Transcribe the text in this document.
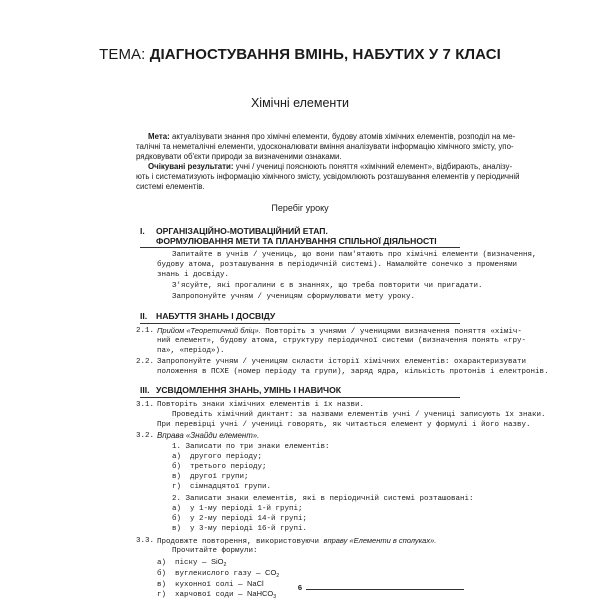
ТЕМА: ДІАГНОСТУВАННЯ ВМІНЬ, НАБУТИХ У 7 КЛАСІ
Хімічні елементи
Мета: актуалізувати знання про хімічні елементи, будову атомів хімічних елементів, розподіл на ме-
талічні та неметалічні елементи, удосконалювати вміння аналізувати інформацію хімічного змісту, упо-
рядковувати об'єкти природи за визначеними ознаками.
Очікувані результати: учні / учениці пояснюють поняття «хімічний елемент», відбирають, аналізу-
ють і систематизують інформацію хімічного змісту, усвідомлюють розташування елементів у періодичній
системі елементів.
Перебіг уроку
I. ОРГАНІЗАЦІЙНО-МОТИВАЦІЙНИЙ ЕТАП.
ФОРМУЛЮВАННЯ МЕТИ ТА ПЛАНУВАННЯ СПІЛЬНОЇ ДІЯЛЬНОСТІ
Запитайте в учнів / учениць, що вони пам'ятають про хімічні елементи (визначення,
будову атома, розташування в періодичній системі). Намалюйте сонечко з променями
знань і досвіду.
З'ясуйте, які прогалини є в знаннях, що треба повторити чи пригадати.
Запропонуйте учням / ученицям сформулювати мету уроку.
II. НАБУТТЯ ЗНАНЬ І ДОСВІДУ
2.1. Прийом «Теоретичний бліц». Повторіть з учнями / ученицями визначення поняття «хіміч-
ний елемент», будову атома, структуру періодичної системи (визначення понять «гру-
па», «період»).
2.2. Запропонуйте учням / ученицям скласти історії хімічних елементів: охарактеризувати
положення в ПСХЕ (номер періоду та групи), заряд ядра, кількість протонів і електронів.
III. УСВІДОМЛЕННЯ ЗНАНЬ, УМІНЬ І НАВИЧОК
3.1. Повторіть знаки хімічних елементів і їх назви.
Проведіть хімічний диктант: за назвами елементів учні / учениці записують їх знаки.
При перевірці учні / учениці говорять, як читається елемент у формулі і його назву.
3.2. Вправа «Знайди елемент».
1. Записати по три знаки елементів:
а)  другого періоду;
б)  третього періоду;
в)  другої групи;
г)  сімнадцятої групи.
2. Записати знаки елементів, які в періодичній системі розташовані:
а)  у 1-му періоді 1-й групі;
б)  у 2-му періоді 14-й групі;
в)  у 3-му періоді 16-й групі.
3.3. Продовжте повторення, використовуючи вправу «Елементи в сполуках».
Прочитайте формули:
а)  піску — SiO$_2$
б)  вуглекислого газу — $CO_2$
в)  кухонної солі — NaCl
г)  харчової соди — NaHCO$_3$
6
